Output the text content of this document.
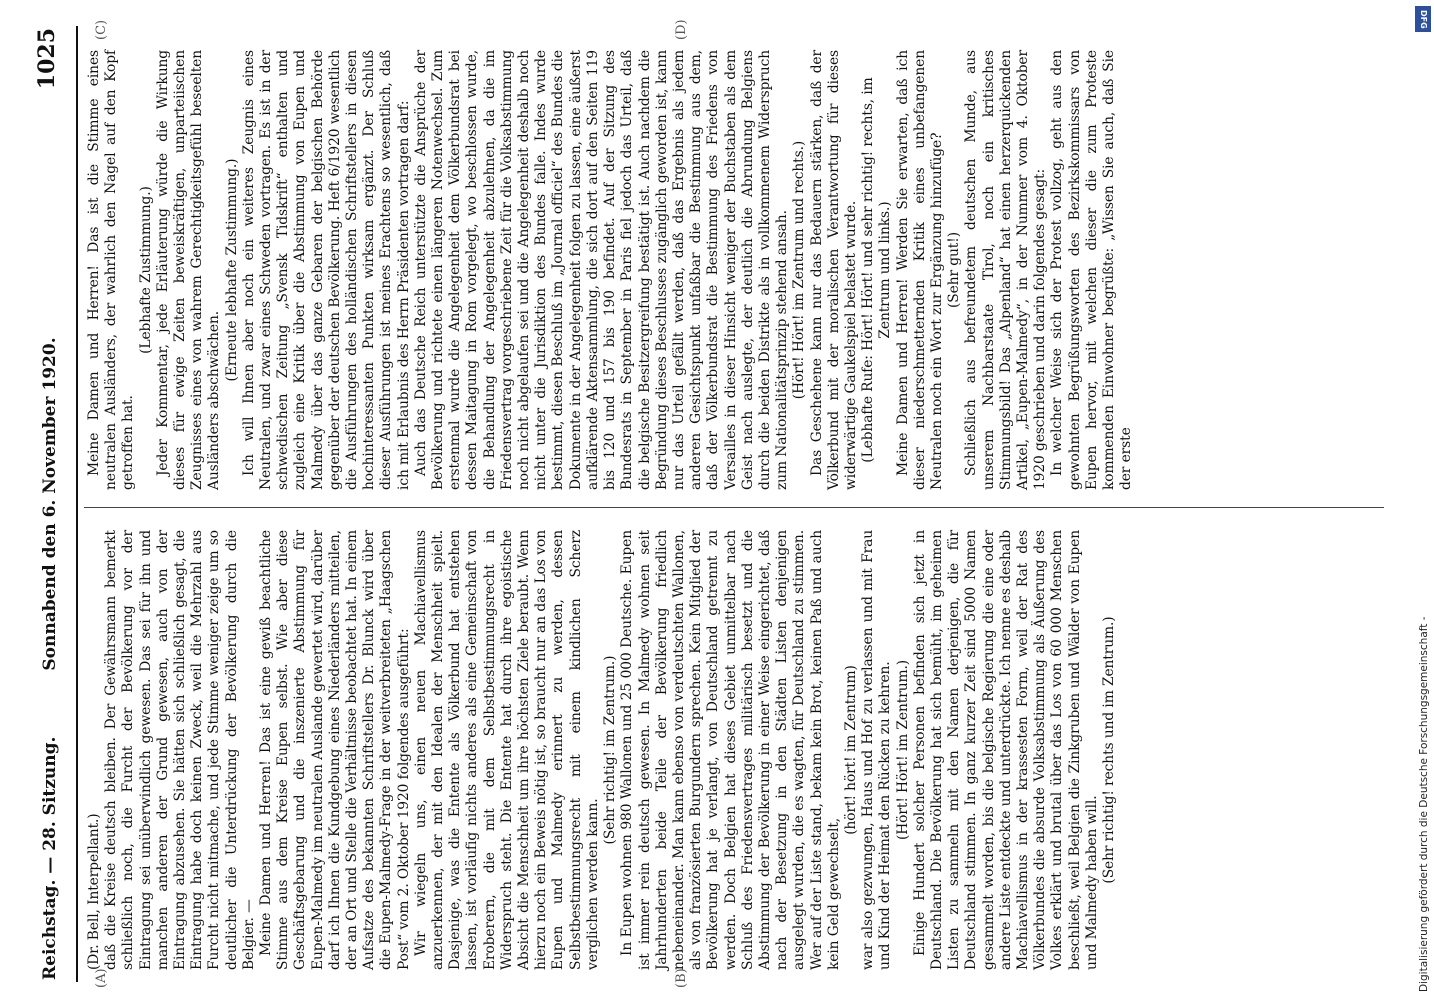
Reichstag. — 28. Sitzung.
Sonnabend den 6. November 1920.
1025

(Dr. Bell, Interpellant.) daß die Kreise deutsch bleiben. Der Gewährsmann bemerkt schließlich noch, die Furcht der Bevölkerung vor der Eintragung sei unüberwindlich gewesen. Das sei für ihn und manchen anderen der Grund gewesen, auch von der Eintragung abzusehen. Sie hätten sich schließlich gesagt, die Eintragung habe doch keinen Zweck, weil die Mehrzahl aus Furcht nicht mitmache, und jede Stimme weniger zeige um so deutlicher die Unterdrückung der Bevölkerung durch die Belgier. — Meine Damen und Herren! Das ist eine gewiß beachtliche Stimme aus dem Kreise Eupen selbst. Wie aber diese Geschäftsgebarung und die inszenierte Abstimmung für Eupen-Malmedy im neutralen Auslande gewertet wird, darüber darf ich Ihnen die Kundgebung eines Niederländers mitteilen, der an Ort und Stelle die Verhältnisse beobachtet hat. In einem Aufsatze des bekannten Schriftstellers Dr. Blunck wird über die Eupen-Malmedy-Frage in der weitverbreiteten „Haagschen Post“ vom 2. Oktober 1920 folgendes ausgeführt: Wir wiegeln uns, einen neuen Machiavellismus anzuerkennen, der mit den Idealen der Menschheit spielt. Dasjenige, was die Entente als Völkerbund hat entstehen lassen, ist vorläufig nichts anderes als eine Gemeinschaft von Eroberern, die mit dem Selbstbestimmungsrecht in Widerspruch steht. Die Entente hat durch ihre egoistische Absicht die Menschheit um ihre höchsten Ziele beraubt. Wenn hierzu noch ein Beweis nötig ist, so braucht nur an das Los von Eupen und Malmedy erinnert zu werden, dessen Selbstbestimmungsrecht mit einem kindlichen Scherz verglichen werden kann.

(Sehr richtig! im Zentrum.) In Eupen wohnen 980 Wallonen und 25 000 Deutsche. Eupen ist immer rein deutsch gewesen. In Malmedy wohnen seit Jahrhunderten beide Teile der Bevölkerung friedlich nebeneinander. Man kann ebenso von verdeutschten Wallonen, als von französierten Burgundern sprechen. Kein Mitglied der Bevölkerung hat je verlangt, von Deutschland getrennt zu werden. Doch Belgien hat dieses Gebiet unmittelbar nach Schluß des Friedensvertrages militärisch besetzt und die Abstimmung der Bevölkerung in einer Weise eingerichtet, daß nach der Besetzung in den Städten Listen denjenigen ausgelegt wurden, die es wagten, für Deutschland zu stimmen. Wer auf der Liste stand, bekam kein Brot, keinen Paß und auch kein Geld gewechselt,

(hört! hört! im Zentrum) war also gezwungen, Haus und Hof zu verlassen und mit Frau und Kind der Heimat den Rücken zu kehren. (Hört! Hört! im Zentrum.) Einige Hundert solcher Personen befinden sich jetzt in Deutschland. Die Bevölkerung hat sich bemüht, im geheimen Listen zu sammeln mit den Namen derjenigen, die für Deutschland stimmen. In ganz kurzer Zeit sind 5000 Namen gesammelt worden, bis die belgische Regierung die eine oder andere Liste entdeckte und unterdrückte. Ich nenne es deshalb Machiavellismus in der krassesten Form, weil der Rat des Völkerbundes die absurde Volksabstimmung als Äußerung des Volkes erklärt und brutal über das Los von 60 000 Menschen beschließt, weil Belgien die Zinkgruben und Wälder von Eupen und Malmedy haben will. (Sehr richtig! rechts und im Zentrum.)

Meine Damen und Herren! Das ist die Stimme eines neutralen Ausländers, der wahrlich den Nagel auf den Kopf getroffen hat.

(Lebhafte Zustimmung.) Jeder Kommentar, jede Erläuterung würde die Wirkung dieses für ewige Zeiten beweiskräftigen, unparteiischen Zeugnisses eines von wahrem Gerechtigkeitsgefühl beseelten Ausländers abschwächen.

(Erneute lebhafte Zustimmung.) Ich will Ihnen aber noch ein weiteres Zeugnis eines Neutralen, und zwar eines Schweden vortragen. Es ist in der schwedischen Zeitung „Svensk Tidskrift“ enthalten und zugleich eine Kritik über die Abstimmung von Eupen und Malmedy über das ganze Gebaren der belgischen Behörde gegenüber der deutschen Bevölkerung. Heft 6/1920 wesentlich die Ausführungen des holländischen Schriftstellers in diesen hochinteressanten Punkten wirksam ergänzt. Der Schluß dieser Ausführungen ist meines Erachtens so wesentlich, daß ich mit Erlaubnis des Herrn Präsidenten vortragen darf: Auch das Deutsche Reich unterstützte die Ansprüche der Bevölkerung und richtete einen längeren Notenwechsel. Zum erstenmal wurde die Angelegenheit dem Völkerbundsrat bei dessen Maitagung in Rom vorgelegt, wo beschlossen wurde, die Behandlung der Angelegenheit abzulehnen, da die im Friedensvertrag vorgeschriebene Zeit für die Volksabstimmung noch nicht abgelaufen sei und die Angelegenheit deshalb noch nicht unter die Jurisdiktion des Bundes falle. Indes wurde bestimmt, diesen Beschluß im „Journal officiel“ des Bundes die Dokumente in der Angelegenheit folgen zu lassen, eine äußerst aufklärende Aktensammlung, die sich dort auf den Seiten 119 bis 120 und 157 bis 190 befindet. Auf der Sitzung des Bundesrats in September in Paris fiel jedoch das Urteil, daß die belgische Besitzergreifung bestätigt ist. Auch nachdem die Begründung dieses Beschlusses zugänglich geworden ist, kann nur das Urteil gefällt werden, daß das Ergebnis als jedem anderen Gesichtspunkt unfaßbar die Bestimmung aus dem, daß der Völkerbundsrat die Bestimmung des Friedens von Versailles in dieser Hinsicht weniger der Buchstaben als dem Geist nach auslegte, der deutlich die Abrundung Belgiens durch die beiden Distrikte als in vollkommenem Widerspruch zum Nationalitätsprinzip stehend ansah. (Hört! Hört! im Zentrum und rechts.) Das Geschehene kann nur das Bedauern stärken, daß der Völkerbund mit der moralischen Verantwortung für dieses widerwärtige Gaukelspiel belastet wurde. (Lebhafte Rufe: Hört! Hört! und sehr richtig! rechts, im Zentrum und links.) Meine Damen und Herren! Werden Sie erwarten, daß ich dieser niederschmetternden Kritik eines unbefangenen Neutralen noch ein Wort zur Ergänzung hinzufüge? (Sehr gut!) Schließlich aus befreundetem deutschen Munde, aus unserem Nachbarstaate Tirol, noch ein kritisches Stimmungsbild! Das „Alpenland“ hat einen herzerquickenden Artikel, „Eupen-Malmedy“, in der Nummer vom 4. Oktober 1920 geschrieben und darin folgendes gesagt: In welcher Weise sich der Protest vollzog, geht aus den gewohnten Begrüßungsworten des Bezirkskommissars von Eupen hervor, mit welchen dieser die zum Proteste kommenden Einwohner begrüßte: „Wissen Sie auch, daß Sie der erste

(A)	(B)
(C)	(D)
DFG
Digitalisierung gefördert durch die Deutsche Forschungsgemeinschaft -
